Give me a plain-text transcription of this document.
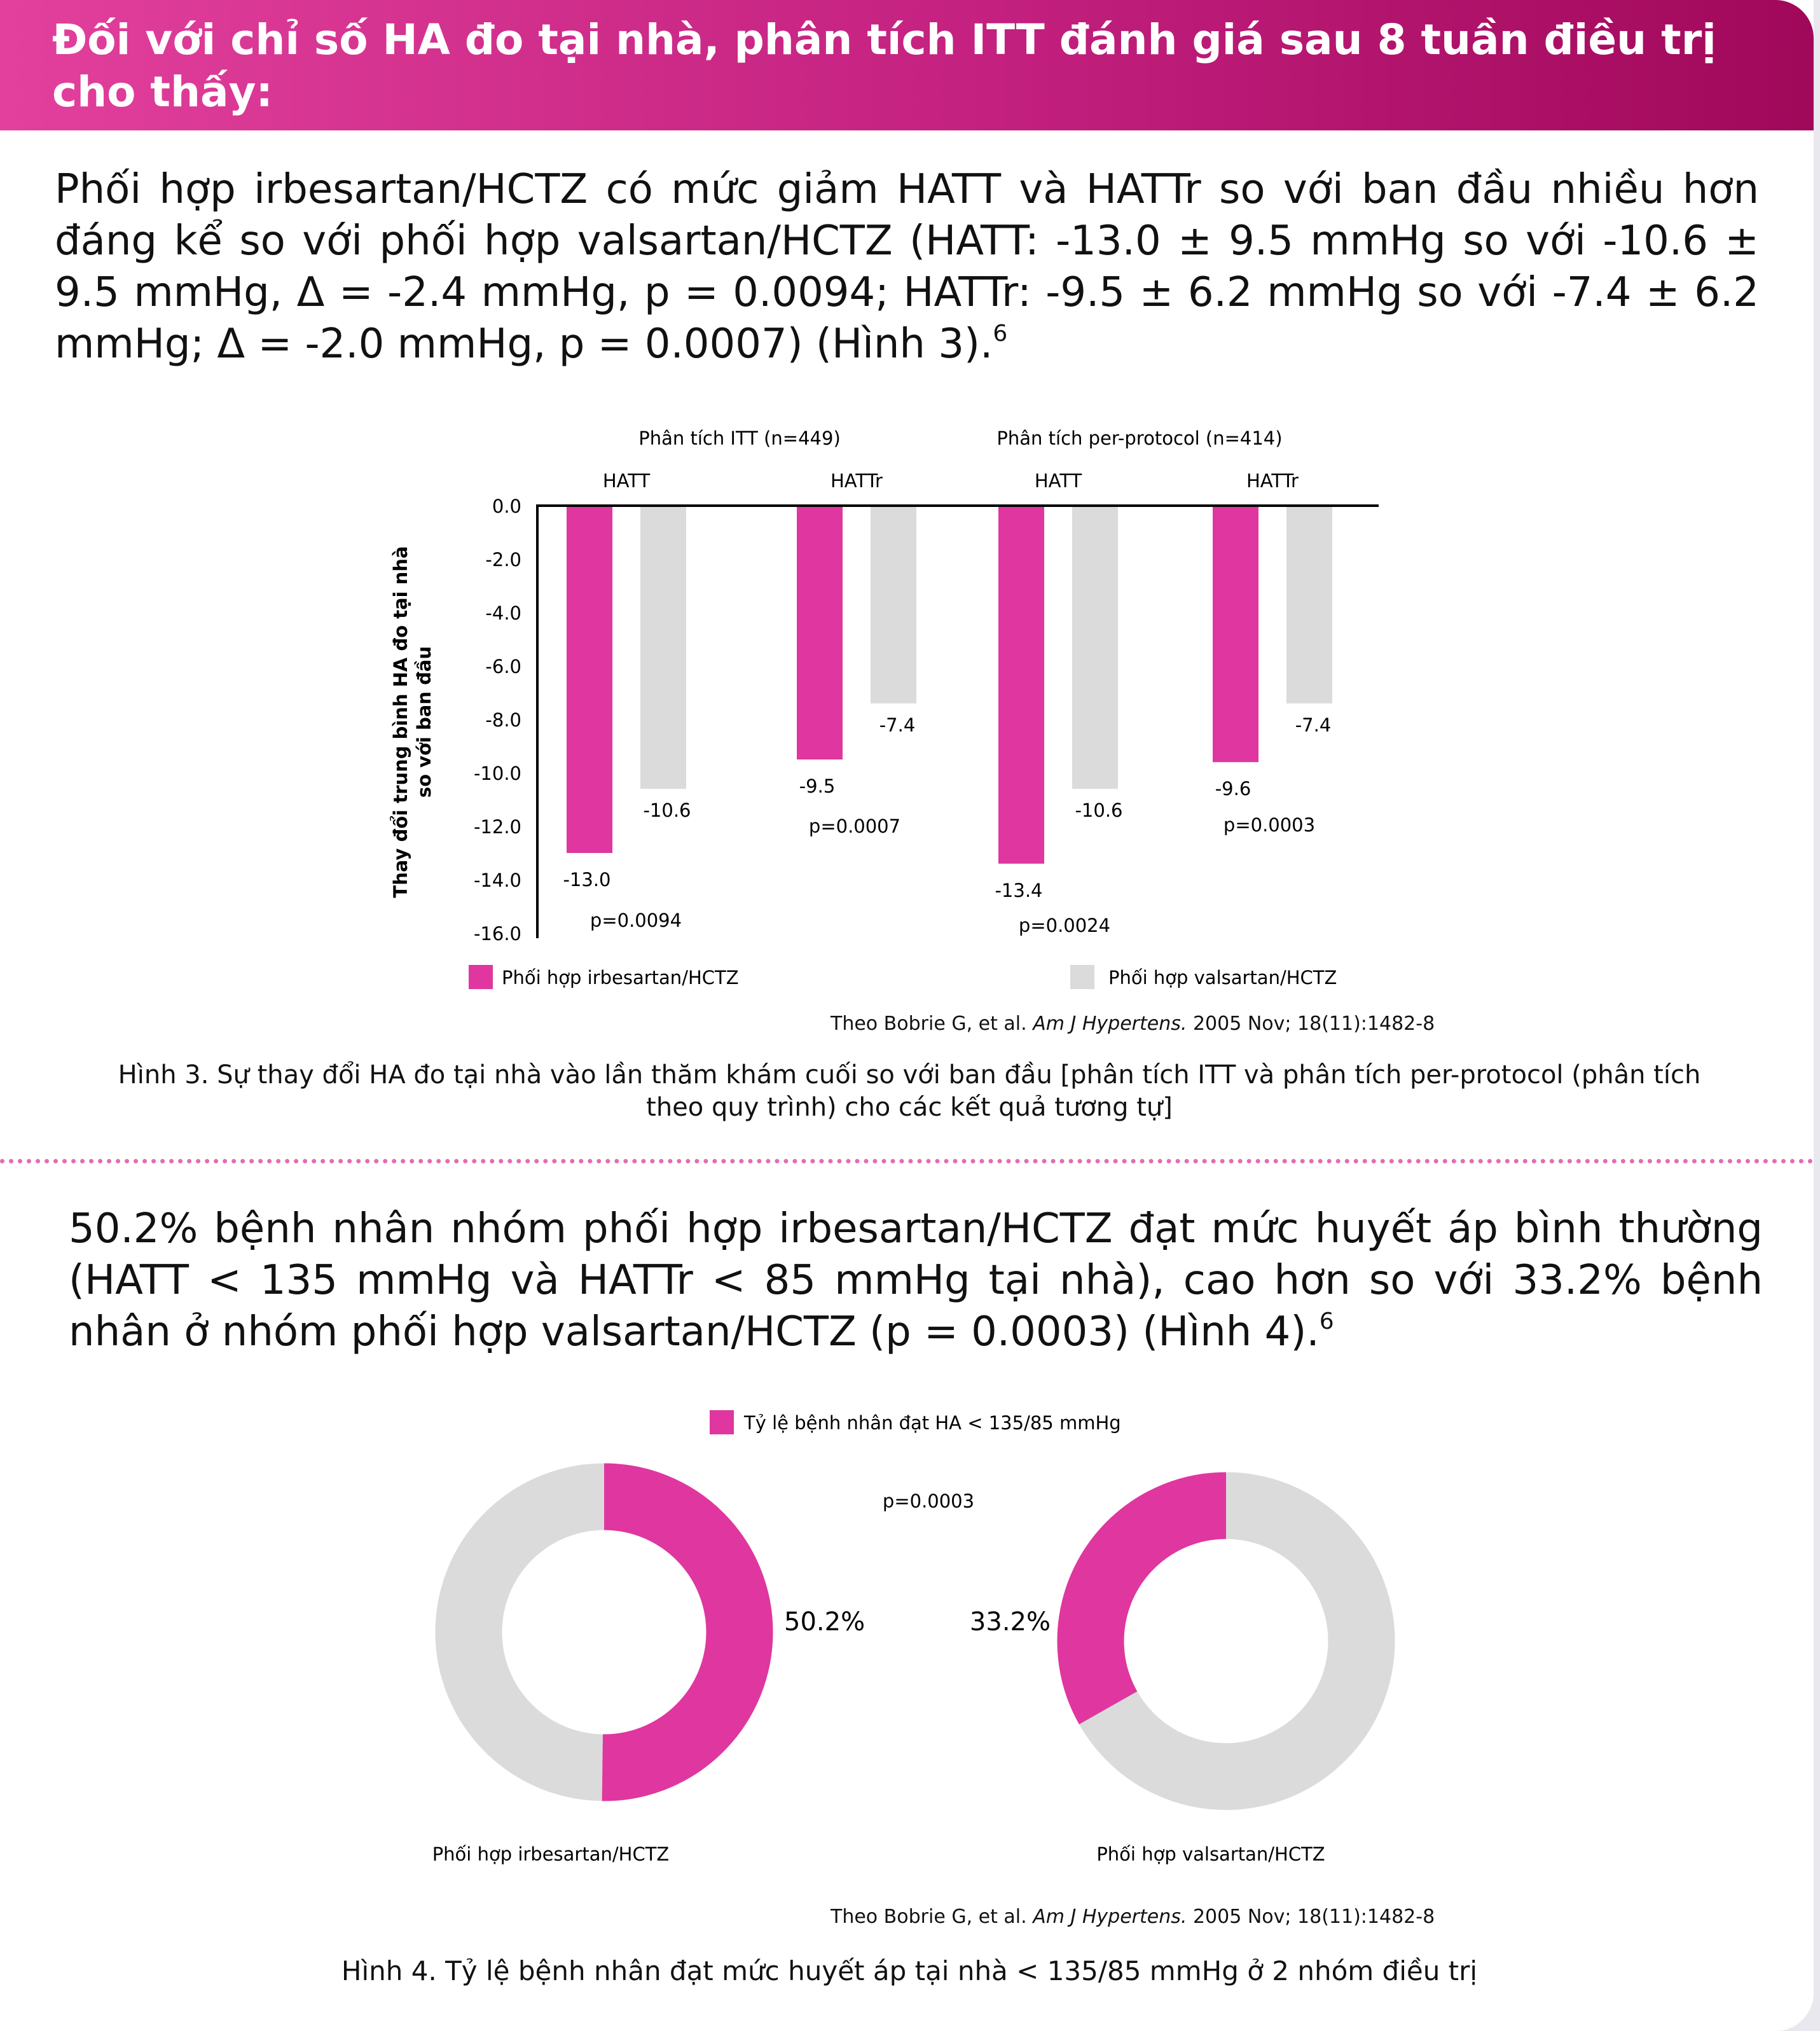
Đối với chỉ số HA đo tại nhà, phân tích ITT đánh giá sau 8 tuần điều trị cho thấy:

Phối hợp irbesartan/HCTZ có mức giảm HATT và HATTr so với ban đầu nhiều hơn đáng kể so với phối hợp valsartan/HCTZ (HATT: -13.0 ± 9.5 mmHg so với -10.6 ± 9.5 mmHg, Δ = -2.4 mmHg, p = 0.0094; HATTr: -9.5 ± 6.2 mmHg so với -7.4 ± 6.2 mmHg; Δ = -2.0 mmHg, p = 0.0007) (Hình 3).$^6$

0.0
-2.0
-4.0
-6.0
-8.0
-10.0
-12.0
-14.0
-16.0
Thay đổi trung bình HA đo tại nhà so với ban đầu
Phân tích ITT (n=449)	Phân tích per-protocol (n=414)
HATT	HATTr	HATT	HATTr
-13.0
-10.6
-9.5
-7.4
-13.4
-10.6
-9.6
-7.4
p=0.0094
p=0.0007
p=0.0024
p=0.0003
Phối hợp irbesartan/HCTZ	Phối hợp valsartan/HCTZ
Theo Bobrie G, et al. Am J Hypertens. 2005 Nov; 18(11):1482-8

Hình 3. Sự thay đổi HA đo tại nhà vào lần thăm khám cuối so với ban đầu [phân tích ITT và phân tích per-protocol (phân tích theo quy trình) cho các kết quả tương tự]

50.2% bệnh nhân nhóm phối hợp irbesartan/HCTZ đạt mức huyết áp bình thường (HATT < 135 mmHg và HATTr < 85 mmHg tại nhà), cao hơn so với 33.2% bệnh nhân ở nhóm phối hợp valsartan/HCTZ (p = 0.0003) (Hình 4).$^6$

Tỷ lệ bệnh nhân đạt HA < 135/85 mmHg
p=0.0003
50.2%
Phối hợp irbesartan/HCTZ
33.2%
Phối hợp valsartan/HCTZ
Theo Bobrie G, et al. Am J Hypertens. 2005 Nov; 18(11):1482-8

Hình 4. Tỷ lệ bệnh nhân đạt mức huyết áp tại nhà < 135/85 mmHg ở 2 nhóm điều trị
